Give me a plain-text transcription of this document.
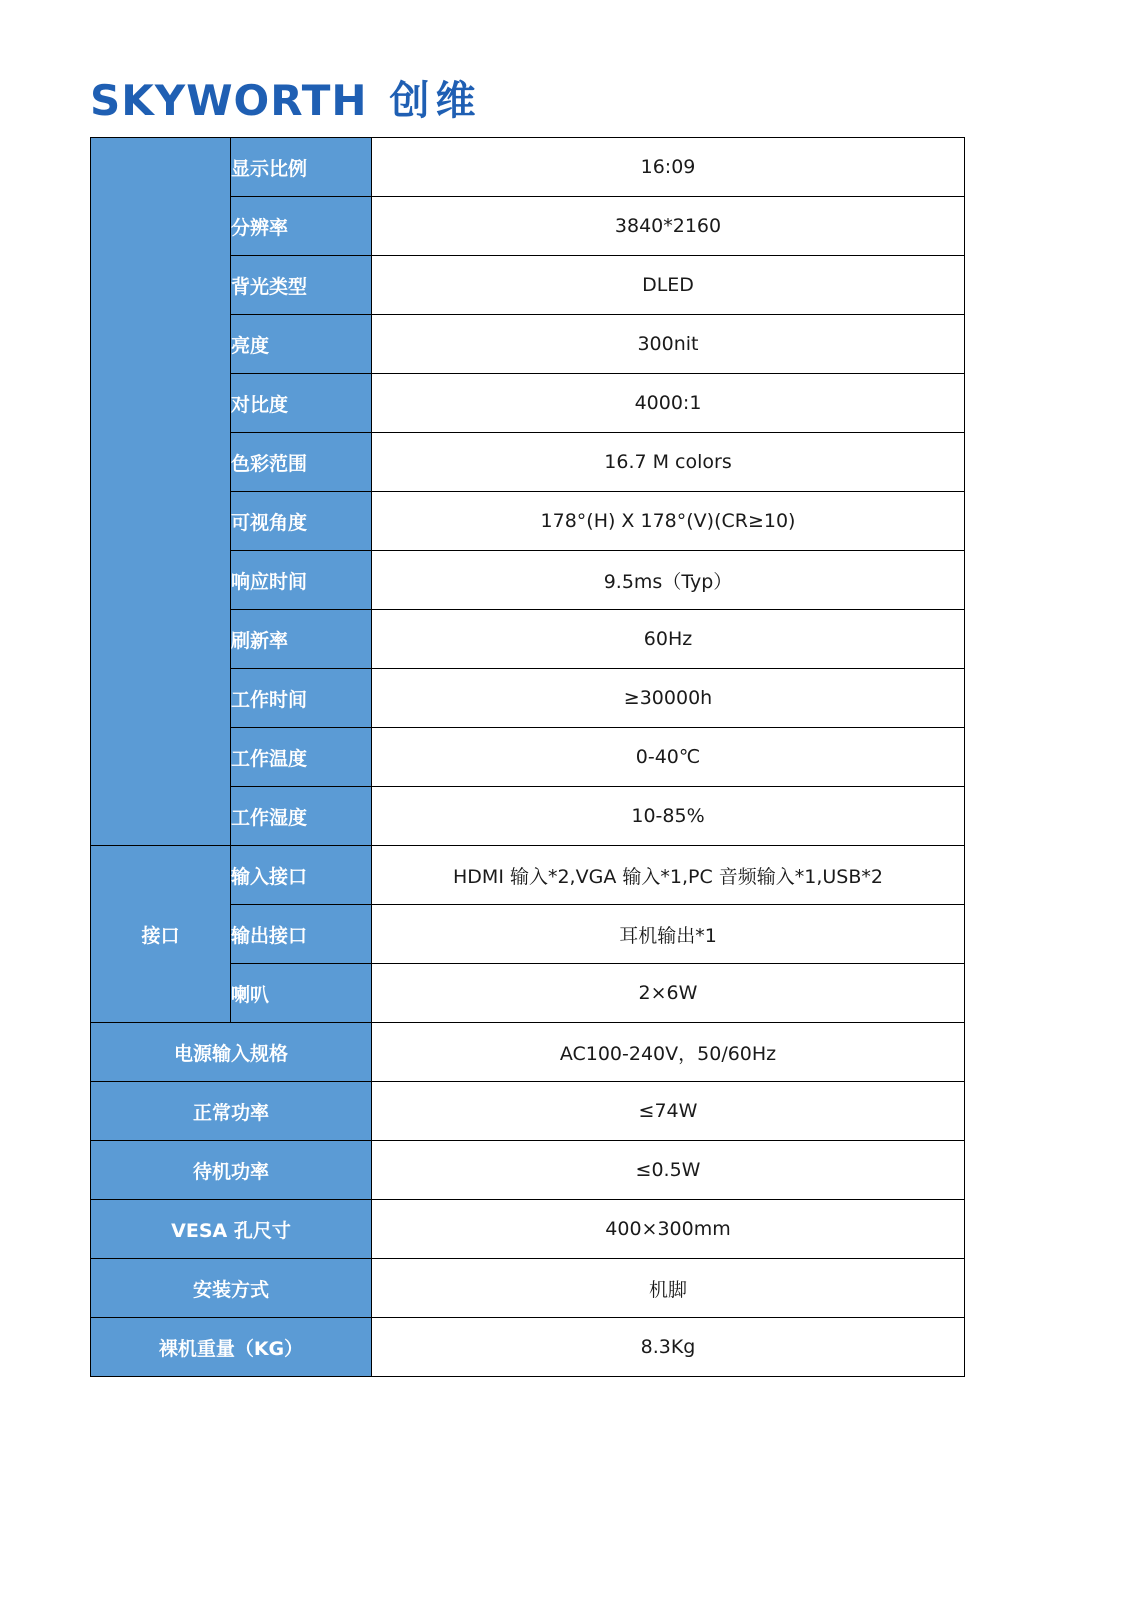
SKYWORTH 创维
	显示比例	16:09
	分辨率	3840*2160
	背光类型	DLED
	亮度	300nit
	对比度	4000:1
	色彩范围	16.7 M colors
	可视角度	178°(H) X 178°(V)(CR≥10)
	响应时间	9.5ms（Typ）
	刷新率	60Hz
	工作时间	≥30000h
	工作温度	0-40℃
	工作湿度	10-85%
接口	输入接口	HDMI 输入*2,VGA 输入*1,PC 音频输入*1,USB*2
	输出接口	耳机输出*1
	喇叭	2×6W
电源输入规格		AC100-240V，50/60Hz
正常功率		≤74W
待机功率		≤0.5W
VESA 孔尺寸		400×300mm
安装方式		机脚
裸机重量（KG）		8.3Kg
